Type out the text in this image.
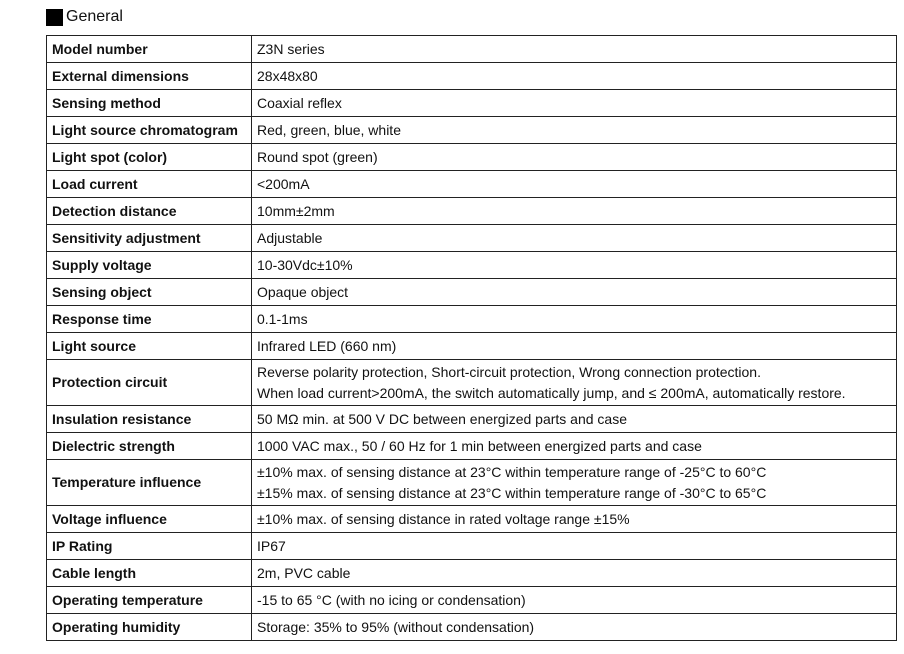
General
Model number	Z3N series

External dimensions	28x48x80

Sensing method	Coaxial reflex

Light source chromatogram	Red, green, blue, white

Light spot (color)	Round spot (green)

Load current	<200mA

Detection distance	10mm±2mm

Sensitivity adjustment	Adjustable

Supply voltage	10-30Vdc±10%

Sensing object	Opaque object

Response time	0.1-1ms

Light source	Infrared LED (660 nm)

Protection circuit	Reverse polarity protection, Short-circuit protection, Wrong connection protection.
When load current>200mA, the switch automatically jump, and ≤ 200mA, automatically restore.

Insulation resistance	50 MΩ min. at 500 V DC between energized parts and case

Dielectric strength	1000 VAC max., 50 / 60 Hz for 1 min between energized parts and case

Temperature influence	±10% max. of sensing distance at 23°C within temperature range of -25°C to 60°C
±15% max. of sensing distance at 23°C within temperature range of -30°C to 65°C

Voltage influence	±10% max. of sensing distance in rated voltage range ±15%

IP Rating	IP67

Cable length	2m, PVC cable

Operating temperature	-15 to 65 °C (with no icing or condensation)

Operating humidity	Storage: 35% to 95% (without condensation)
